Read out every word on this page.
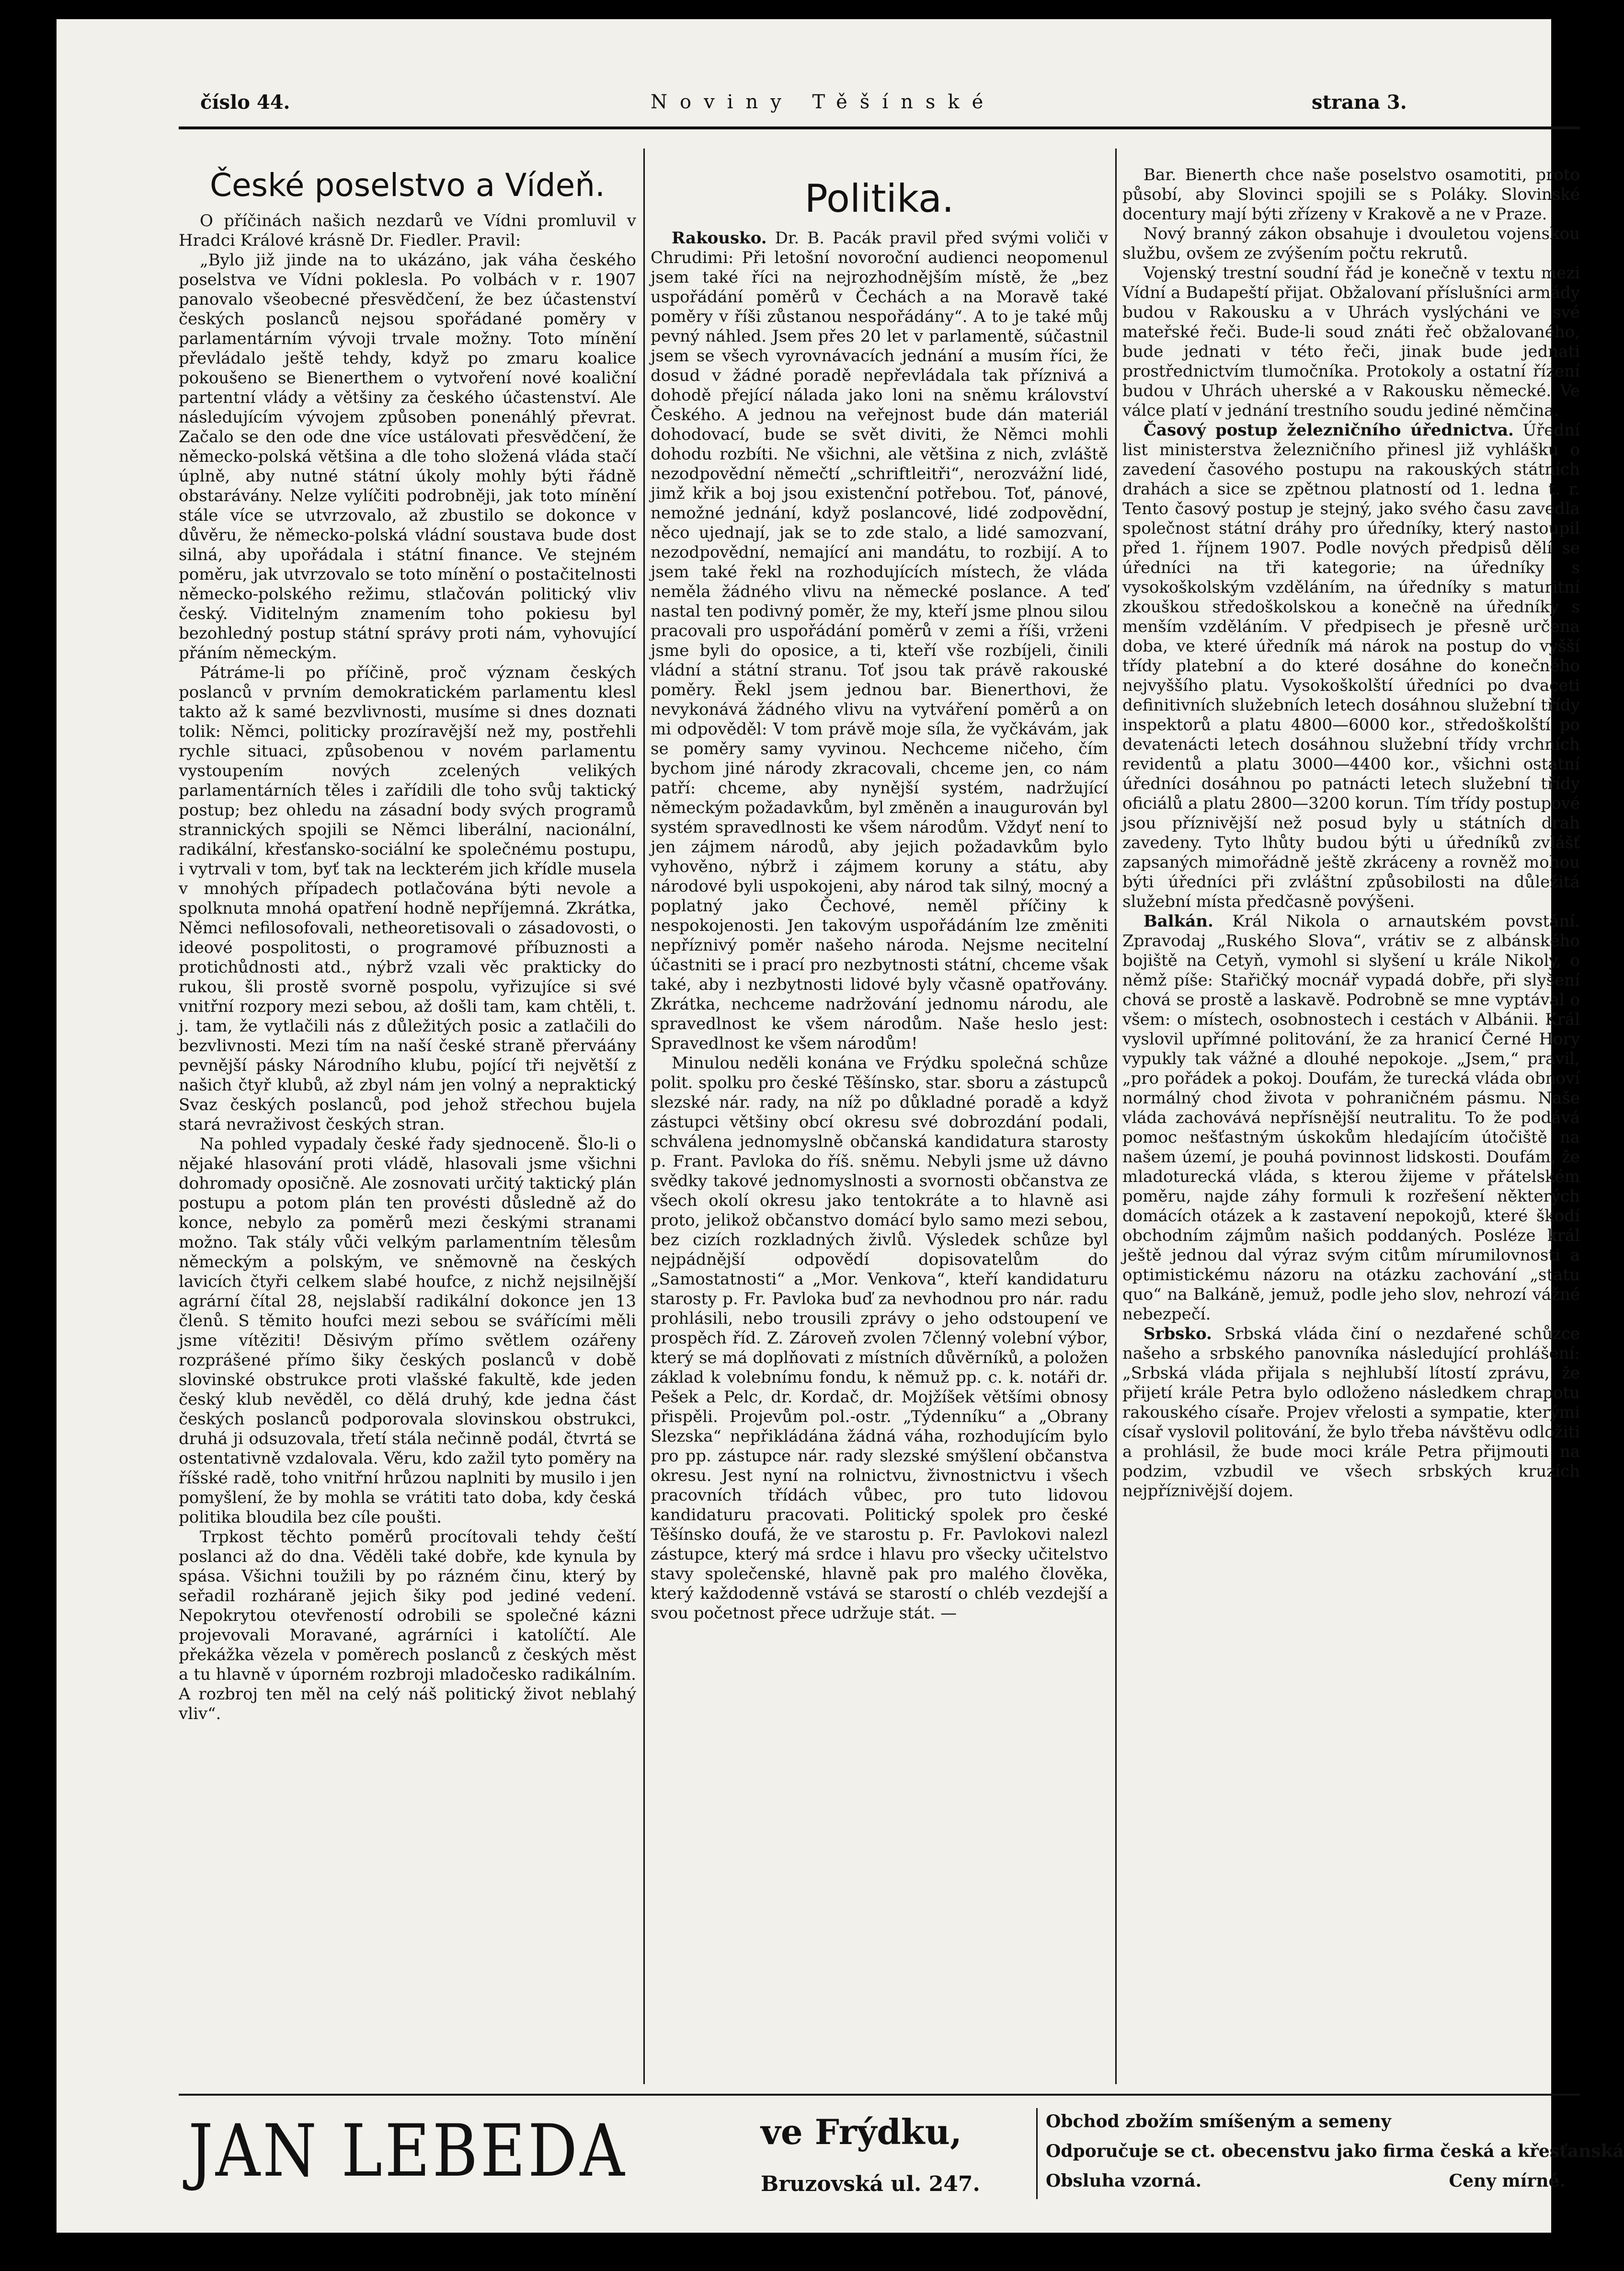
číslo 44.	Noviny Těšínské	strana 3.
České poselstvo a Vídeň.

O příčinách našich nezdarů ve Vídni promluvil v Hradci Králové krásně Dr. Fiedler. Pravil:

„Bylo již jinde na to ukázáno, jak váha českého poselstva ve Vídni poklesla. Po volbách v r. 1907 panovalo všeobecné přesvědčení, že bez účastenství českých poslanců nejsou spořádané poměry v parlamentárním vývoji trvale možny. Toto mínění převládalo ještě tehdy, když po zmaru koalice pokoušeno se Bienerthem o vytvoření nové koaliční partentní vlády a většiny za českého účastenství. Ale následujícím vývojem způsoben ponenáhlý převrat. Začalo se den ode dne více ustálovati přesvědčení, že německo-polská většina a dle toho složená vláda stačí úplně, aby nutné státní úkoly mohly býti řádně obstarávány. Nelze vylíčiti podrobněji, jak toto mínění stále více se utvrzovalo, až zbustilo se dokonce v důvěru, že německo-polská vládní soustava bude dost silná, aby upořádala i státní finance. Ve stejném poměru, jak utvrzovalo se toto mínění o postačitelnosti německo-polského režimu, stlačován politický vliv český. Viditelným znamením toho pokiesu byl bezohledný postup státní správy proti nám, vyhovující přáním německým.

Pátráme-li po příčině, proč význam českých poslanců v prvním demokratickém parlamentu klesl takto až k samé bezvlivnosti, musíme si dnes doznati tolik: Němci, politicky prozíravější než my, postřehli rychle situaci, způsobenou v novém parlamentu vystoupením nových zcelených velikých parlamentárních těles i zařídili dle toho svůj taktický postup; bez ohledu na zásadní body svých programů strannických spojili se Němci liberální, nacionální, radikální, křesťansko-sociální ke společnému postupu, i vytrvali v tom, byť tak na leckterém jich křídle musela v mnohých případech potlačována býti nevole a spolknuta mnohá opatření hodně nepříjemná. Zkrátka, Němci nefilosofovali, netheoretisovali o zásadovosti, o ideové pospolitosti, o programové příbuznosti a protichůdnosti atd., nýbrž vzali věc prakticky do rukou, šli prostě svorně pospolu, vyřizujíce si své vnitřní rozpory mezi sebou, až došli tam, kam chtěli, t. j. tam, že vytlačili nás z důležitých posic a zatlačili do bezvlivnosti. Mezi tím na naší české straně přerváány pevnější pásky Národního klubu, pojící tři největší z našich čtyř klubů, až zbyl nám jen volný a nepraktický Svaz českých poslanců, pod jehož střechou bujela stará nevraživost českých stran.

Na pohled vypadaly české řady sjednoceně. Šlo-li o nějaké hlasování proti vládě, hlasovali jsme všichni dohromady oposičně. Ale zosnovati určitý taktický plán postupu a potom plán ten provésti důsledně až do konce, nebylo za poměrů mezi českými stranami možno. Tak stály vůči velkým parlamentním tělesům německým a polským, ve sněmovně na českých lavicích čtyři celkem slabé houfce, z nichž nejsilnější agrární čítal 28, nejslabší radikální dokonce jen 13 členů. S těmito houfci mezi sebou se svářícími měli jsme vítěziti! Děsivým přímo světlem ozářeny rozprášené přímo šiky českých poslanců v době slovinské obstrukce proti vlašské fakultě, kde jeden český klub nevěděl, co dělá druhý, kde jedna část českých poslanců podporovala slovinskou obstrukci, druhá ji odsuzovala, třetí stála nečinně podál, čtvrtá se ostentativně vzdalovala. Věru, kdo zažil tyto poměry na říšské radě, toho vnitřní hrůzou naplniti by musilo i jen pomyšlení, že by mohla se vrátiti tato doba, kdy česká politika bloudila bez cíle poušti.

Trpkost těchto poměrů procítovali tehdy čeští poslanci až do dna. Věděli také dobře, kde kynula by spása. Všichni toužili by po rázném činu, který by seřadil rozháraně jejich šiky pod jediné vedení. Nepokrytou otevřeností odrobili se společné kázni projevovali Moravané, agrárníci i katolíčtí. Ale překážka vězela v poměrech poslanců z českých měst a tu hlavně v úporném rozbroji mladočesko radikálním. A rozbroj ten měl na celý náš politický život neblahý vliv“.

Politika.

Rakousko. Dr. B. Pacák pravil před svými voliči v Chrudimi: Při letošní novoroční audienci neopomenul jsem také říci na nejrozhodnějším místě, že „bez uspořádání poměrů v Čechách a na Moravě také poměry v říši zůstanou nespořádány“. A to je také můj pevný náhled. Jsem přes 20 let v parlamentě, súčastnil jsem se všech vyrovnávacích jednání a musím říci, že dosud v žádné poradě nepřevládala tak příznivá a dohodě přející nálada jako loni na sněmu království Českého. A jednou na veřejnost bude dán materiál dohodovací, bude se svět diviti, že Němci mohli dohodu rozbíti. Ne všichni, ale většina z nich, zvláště nezodpovědní němečtí „schriftleitři“, nerozvážní lidé, jimž křik a boj jsou existenční potřebou. Toť, pánové, nemožné jednání, když poslancové, lidé zodpovědní, něco ujednají, jak se to zde stalo, a lidé samozvaní, nezodpovědní, nemající ani mandátu, to rozbijí. A to jsem také řekl na rozhodujících místech, že vláda neměla žádného vlivu na německé poslance. A teď nastal ten podivný poměr, že my, kteří jsme plnou silou pracovali pro uspořádání poměrů v zemi a říši, vrženi jsme byli do oposice, a ti, kteří vše rozbíjeli, činili vládní a státní stranu. Toť jsou tak právě rakouské poměry. Řekl jsem jednou bar. Bienerthovi, že nevykonává žádného vlivu na vytváření poměrů a on mi odpověděl: V tom právě moje síla, že vyčkávám, jak se poměry samy vyvinou. Nechceme ničeho, čím bychom jiné národy zkracovali, chceme jen, co nám patří: chceme, aby nynější systém, nadržující německým požadavkům, byl změněn a inaugurován byl systém spravedlnosti ke všem národům. Vždyť není to jen zájmem národů, aby jejich požadavkům bylo vyhověno, nýbrž i zájmem koruny a státu, aby národové byli uspokojeni, aby národ tak silný, mocný a poplatný jako Čechové, neměl příčiny k nespokojenosti. Jen takovým uspořádáním lze změniti nepříznivý poměr našeho národa. Nejsme necitelní účastniti se i prací pro nezbytnosti státní, chceme však také, aby i nezbytnosti lidové byly včasně opatřovány. Zkrátka, nechceme nadržování jednomu národu, ale spravedlnost ke všem národům. Naše heslo jest: Spravedlnost ke všem národům!

Minulou neděli konána ve Frýdku společná schůze polit. spolku pro české Těšínsko, star. sboru a zástupců slezské nár. rady, na níž po důkladné poradě a když zástupci většiny obcí okresu své dobrozdání podali, schválena jednomyslně občanská kandidatura starosty p. Frant. Pavloka do říš. sněmu. Nebyli jsme už dávno svědky takové jednomyslnosti a svornosti občanstva ze všech okolí okresu jako tentokráte a to hlavně asi proto, jelikož občanstvo domácí bylo samo mezi sebou, bez cizích rozkladných živlů. Výsledek schůze byl nejpádnější odpovědí dopisovatelům do „Samostatnosti“ a „Mor. Venkova“, kteří kandidaturu starosty p. Fr. Pavloka buď za nevhodnou pro nár. radu prohlásili, nebo trousili zprávy o jeho odstoupení ve prospěch říd. Z. Zároveň zvolen 7členný volební výbor, který se má doplňovati z místních důvěrníků, a položen základ k volebnímu fondu, k němuž pp. c. k. notáři dr. Pešek a Pelc, dr. Kordač, dr. Mojžíšek většími obnosy přispěli. Projevům pol.-ostr. „Týdenníku“ a „Obrany Slezska“ nepřikládána žádná váha, rozhodujícím bylo pro pp. zástupce nár. rady slezské smýšlení občanstva okresu. Jest nyní na rolnictvu, živnostnictvu i všech pracovních třídách vůbec, pro tuto lidovou kandidaturu pracovati. Politický spolek pro české Těšínsko doufá, že ve starostu p. Fr. Pavlokovi nalezl zástupce, který má srdce i hlavu pro všecky učitelstvo stavy společenské, hlavně pak pro malého člověka, který každodenně vstává se starostí o chléb vezdejší a svou početnost přece udržuje stát. —

Bar. Bienerth chce naše poselstvo osamotiti, proto působí, aby Slovinci spojili se s Poláky. Slovinské docentury mají býti zřízeny v Krakově a ne v Praze.

Nový branný zákon obsahuje i dvouletou vojenskou službu, ovšem ze zvýšením počtu rekrutů.

Vojenský trestní soudní řád je konečně v textu mezi Vídní a Budapeští přijat. Obžalovaní příslušníci armády budou v Rakousku a v Uhrách vyslýcháni ve své mateřské řeči. Bude-li soud znáti řeč obžalovaného, bude jednati v této řeči, jinak bude jednati prostřednictvím tlumočníka. Protokoly a ostatní řízení budou v Uhrách uherské a v Rakousku německé. Ve válce platí v jednání trestního soudu jediné němčina.

Časový postup železničního úřednictva. Úřední list ministerstva železničního přinesl již vyhlášku o zavedení časového postupu na rakouských státních drahách a sice se zpětnou platností od 1. ledna t. r. Tento časový postup je stejný, jako svého času zavedla společnost státní dráhy pro úředníky, který nastoupil před 1. říjnem 1907. Podle nových předpisů dělí se úředníci na tři kategorie; na úředníky s vysokoškolským vzděláním, na úředníky s maturitní zkouškou středoškolskou a konečně na úředníky s menším vzděláním. V předpisech je přesně určena doba, ve které úředník má nárok na postup do vyšší třídy platební a do které dosáhne do konečného nejvyššího platu. Vysokoškolští úředníci po dvaceti definitivních služebních letech dosáhnou služební třídy inspektorů a platu 4800—6000 kor., středoškolští po devatenácti letech dosáhnou služební třídy vrchních revidentů a platu 3000—4400 kor., všichni ostatní úředníci dosáhnou po patnácti letech služební třídy oficiálů a platu 2800—3200 korun. Tím třídy postupové jsou příznivější než posud byly u státních drah zavedeny. Tyto lhůty budou býti u úředníků zvlášť zapsaných mimořádně ještě zkráceny a rovněž mohou býti úředníci při zvláštní způsobilosti na důležitá služební místa předčasně povýšeni.

Balkán. Král Nikola o arnautském povstání. Zpravodaj „Ruského Slova“, vrátiv se z albánského bojiště na Cetyň, vymohl si slyšení u krále Nikoly, o němž píše: Stařičký mocnář vypadá dobře, při slyšení chová se prostě a laskavě. Podrobně se mne vyptával o všem: o místech, osobnostech i cestách v Albánii. Král vyslovil upřímné politování, že za hranicí Černé Hory vypukly tak vážné a dlouhé nepokoje. „Jsem,“ pravil, „pro pořádek a pokoj. Doufám, že turecká vláda obnoví normálný chod života v pohraničném pásmu. Naše vláda zachovává nepřísnější neutralitu. To že podává pomoc nešťastným úskokům hledajícím útočiště na našem území, je pouhá povinnost lidskosti. Doufám, že mladoturecká vláda, s kterou žijeme v přátelském poměru, najde záhy formuli k rozřešení některých domácích otázek a k zastavení nepokojů, které škodí obchodním zájmům našich poddaných. Posléze král ještě jednou dal výraz svým citům mírumilovnosti a optimistickému názoru na otázku zachování „statu quo“ na Balkáně, jemuž, podle jeho slov, nehrozí vážné nebezpečí.

Srbsko. Srbská vláda činí o nezdařené schůzce našeho a srbského panovníka následující prohlášení: „Srbská vláda přijala s nejhlubší lítostí zprávu, že přijetí krále Petra bylo odloženo následkem chrapotu rakouského císaře. Projev vřelosti a sympatie, kterými císař vyslovil politování, že bylo třeba návštěvu odložiti a prohlásil, že bude moci krále Petra přijmouti na podzim, vzbudil ve všech srbských kruzích nejpříznivější dojem.

JAN LEBEDA	ve Frýdku,
Bruzovská ul. 247.
Obchod zbožím smíšeným a semeny
Odporučuje se ct. obecenstvu jako firma česká a křesťanská
Obsluha vzorná.	Ceny mírné.
